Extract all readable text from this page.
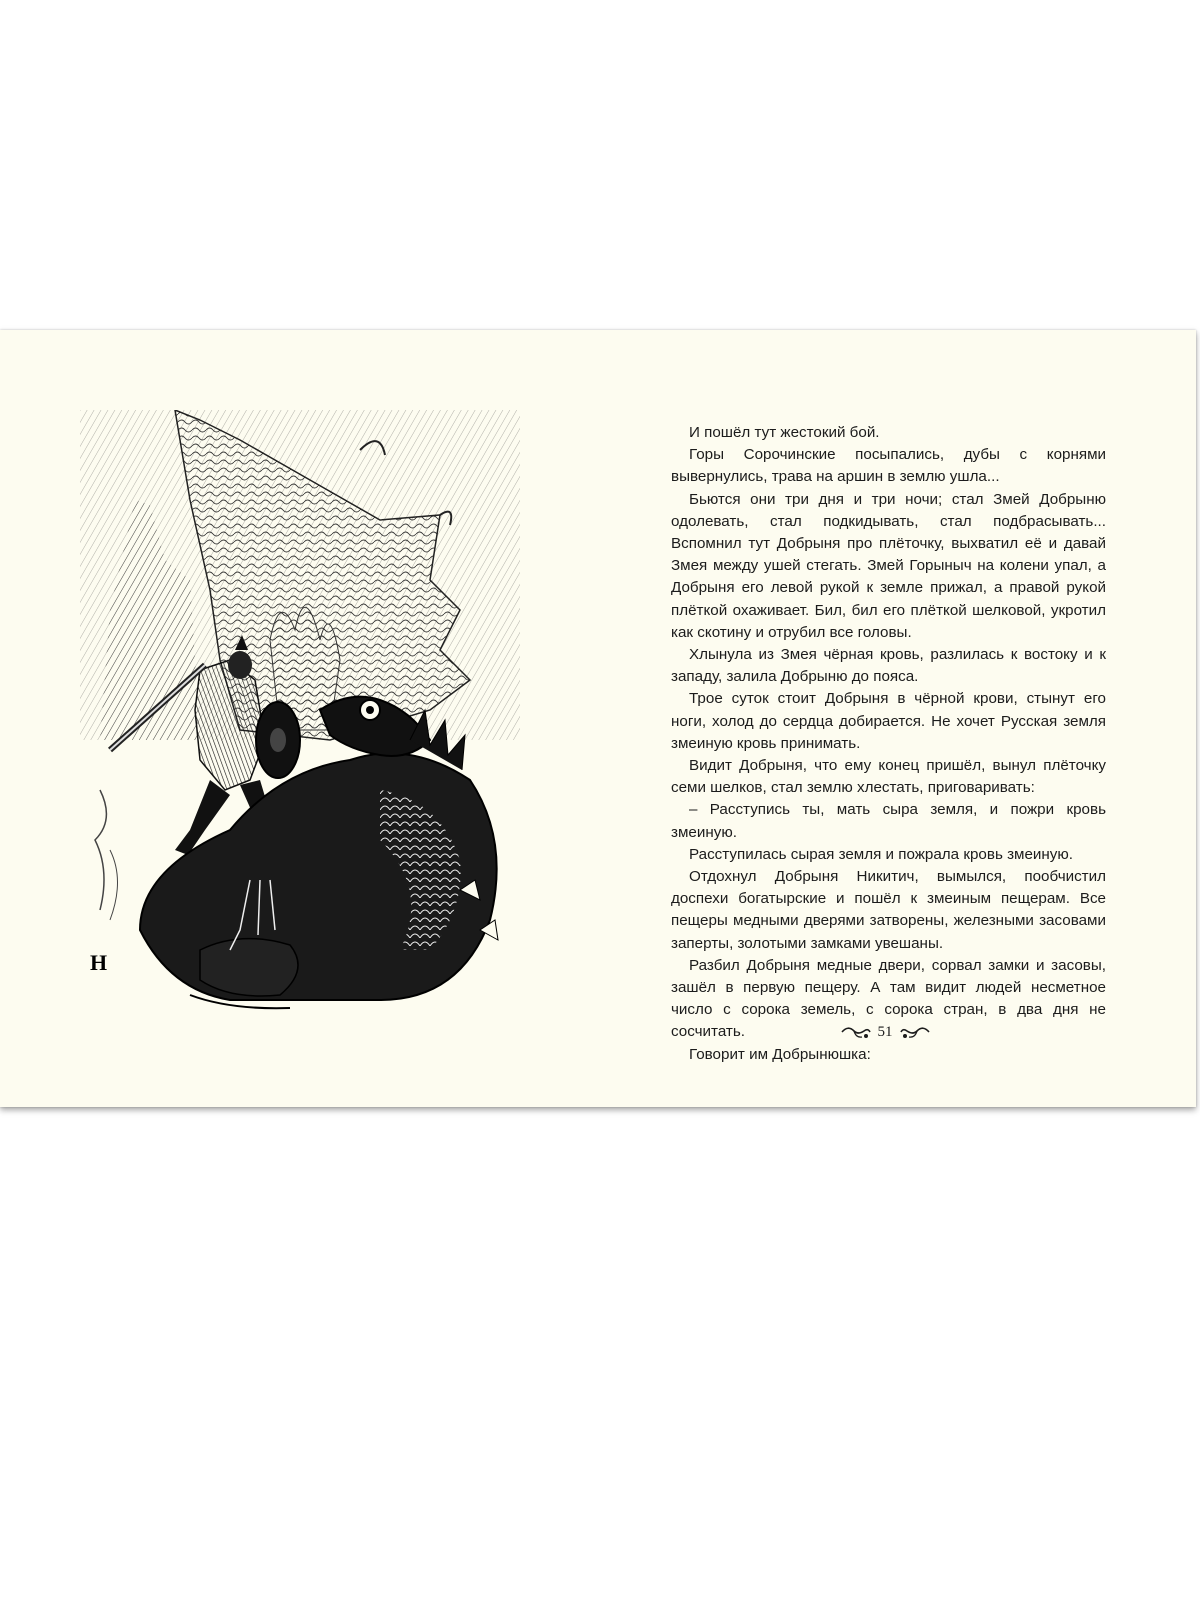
Н

И пошёл тут жестокий бой.

Горы Сорочинские посыпались, дубы с корнями вывернулись, трава на аршин в землю ушла...

Бьются они три дня и три ночи; стал Змей Добрыню одолевать, стал подкидывать, стал подбрасывать... Вспомнил тут Добрыня про плёточку, выхватил её и давай Змея между ушей стегать. Змей Горыныч на колени упал, а Добрыня его левой рукой к земле прижал, а правой рукой плёткой охаживает. Бил, бил его плёткой шелковой, укротил как скотину и отрубил все головы.

Хлынула из Змея чёрная кровь, разлилась к востоку и к западу, залила Добрыню до пояса.

Трое суток стоит Добрыня в чёрной крови, стынут его ноги, холод до сердца добирается. Не хочет Русская земля змеиную кровь принимать.

Видит Добрыня, что ему конец пришёл, вынул плёточку семи шелков, стал землю хлестать, приговаривать:

– Расступись ты, мать сыра земля, и пожри кровь змеиную.

Расступилась сырая земля и пожрала кровь змеиную.

Отдохнул Добрыня Никитич, вымылся, пообчистил доспехи богатырские и пошёл к змеиным пещерам. Все пещеры медными дверями затворены, железными засовами заперты, золотыми замками увешаны.

Разбил Добрыня медные двери, сорвал замки и засовы, зашёл в первую пещеру. А там видит людей несметное число с сорока земель, с сорока стран, в два дня не сосчитать.

Говорит им Добрынюшка:

51
